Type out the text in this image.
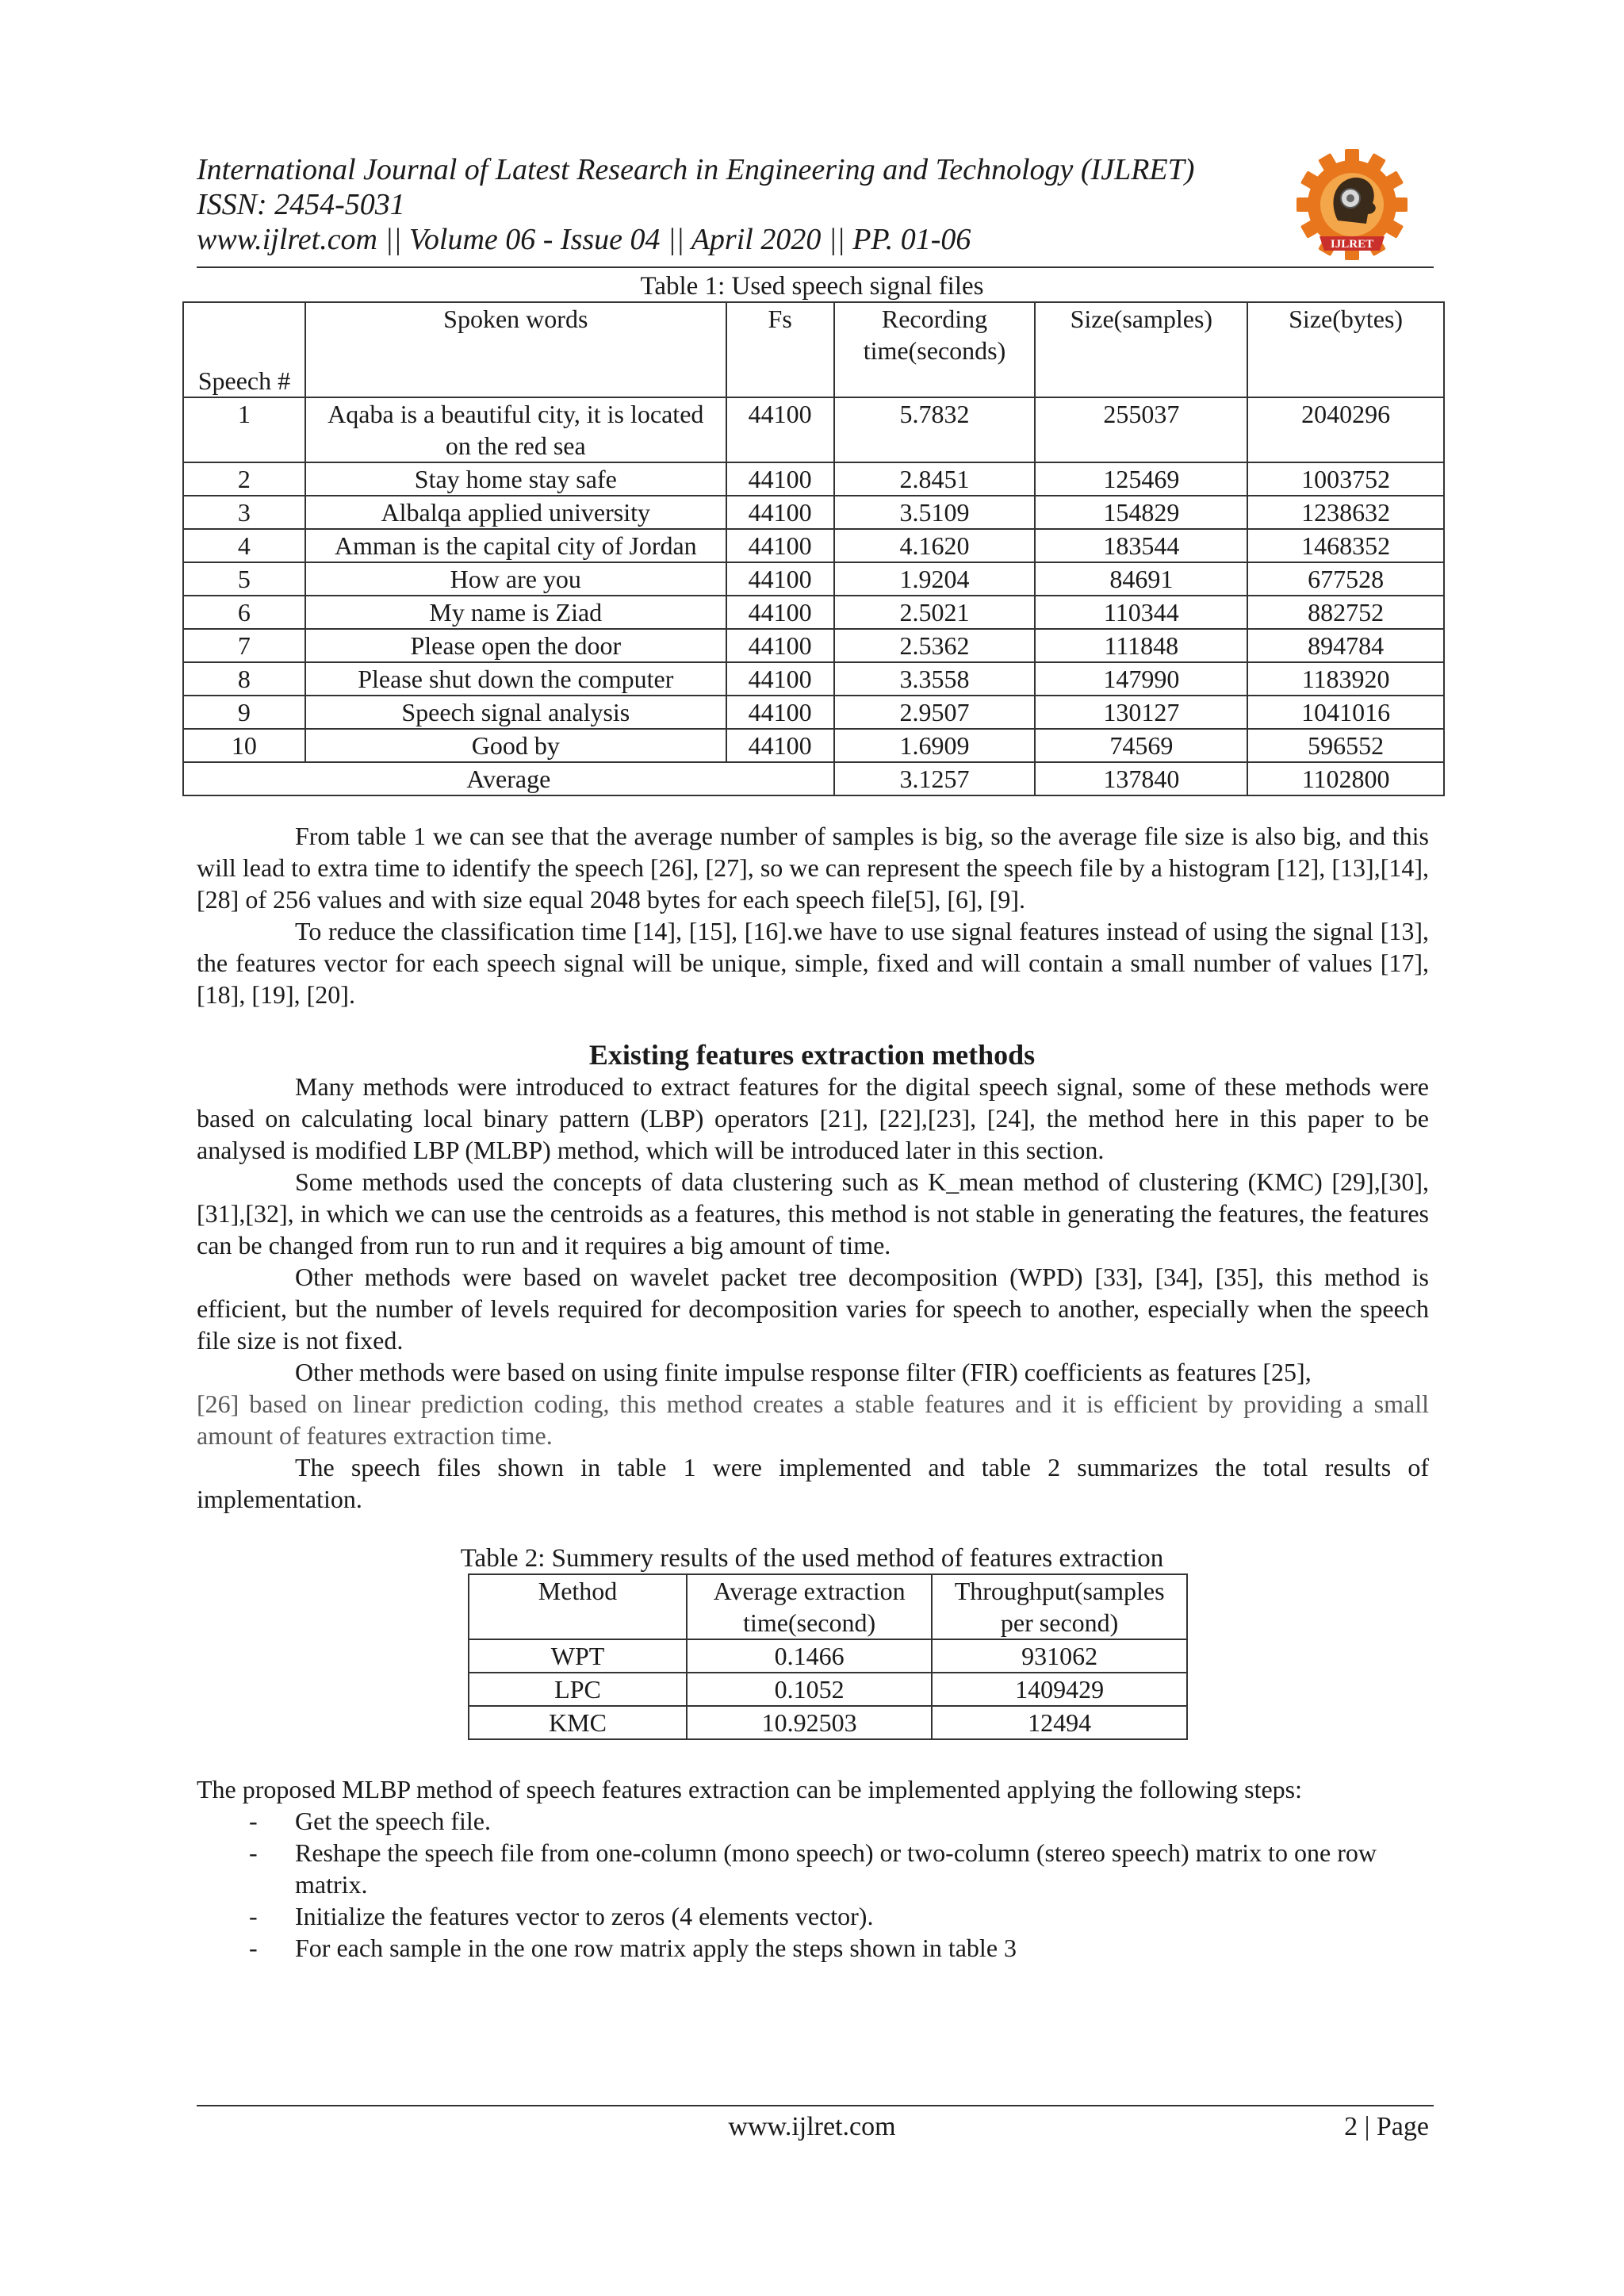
International Journal of Latest Research in Engineering and Technology (IJLRET)
ISSN: 2454-5031
www.ijlret.com || Volume 06 - Issue 04 || April 2020 || PP. 01-06	IJLRET
Table 1: Used speech signal files
Speech #	Spoken words	Fs	Recording time(seconds)	Size(samples)	Size(bytes)
1	Aqaba is a beautiful city, it is located on the red sea	44100	5.7832	255037	2040296
2	Stay home stay safe	44100	2.8451	125469	1003752
3	Albalqa applied university	44100	3.5109	154829	1238632
4	Amman is the capital city of Jordan	44100	4.1620	183544	1468352
5	How are you	44100	1.9204	84691	677528
6	My name is Ziad	44100	2.5021	110344	882752
7	Please open the door	44100	2.5362	111848	894784
8	Please shut down the computer	44100	3.3558	147990	1183920
9	Speech signal analysis	44100	2.9507	130127	1041016
10	Good by	44100	1.6909	74569	596552
Average			3.1257	137840	1102800

From table 1 we can see that the average number of samples is big, so the average file size is also big, and this will lead to extra time to identify the speech [26], [27], so we can represent the speech file by a histogram [12], [13],[14], [28] of 256 values and with size equal 2048 bytes for each speech file[5], [6], [9].

To reduce the classification time [14], [15], [16].we have to use signal features instead of using the signal [13], the features vector for each speech signal will be unique, simple, fixed and will contain a small number of values [17], [18], [19], [20].

Existing features extraction methods

Many methods were introduced to extract features for the digital speech signal, some of these methods were based on calculating local binary pattern (LBP) operators [21], [22],[23], [24], the method here in this paper to be analysed is modified LBP (MLBP) method, which will be introduced later in this section.

Some methods used the concepts of data clustering such as K_mean method of clustering (KMC) [29],[30],[31],[32], in which we can use the centroids as a features, this method is not stable in generating the features, the features can be changed from run to run and it requires a big amount of time.

Other methods were based on wavelet packet tree decomposition (WPD) [33], [34], [35], this method is efficient, but the number of levels required for decomposition varies for speech to another, especially when the speech file size is not fixed.

Other methods were based on using finite impulse response filter (FIR) coefficients as features [25],

[26] based on linear prediction coding, this method creates a stable features and it is efficient by providing a small amount of features extraction time.

The speech files shown in table 1 were implemented and table 2 summarizes the total results of implementation.

Table 2: Summery results of the used method of features extraction
Method	Average extraction time(second)	Throughput(samples per second)
WPT	0.1466	931062
LPC	0.1052	1409429
KMC	10.92503	12494
The proposed MLBP method of speech features extraction can be implemented applying the following steps:
- Get the speech file.
- Reshape the speech file from one-column (mono speech) or two-column (stereo speech) matrix to one row matrix.
- Initialize the features vector to zeros (4 elements vector).
- For each sample in the one row matrix apply the steps shown in table 3
www.ijlret.com	2 | Page
